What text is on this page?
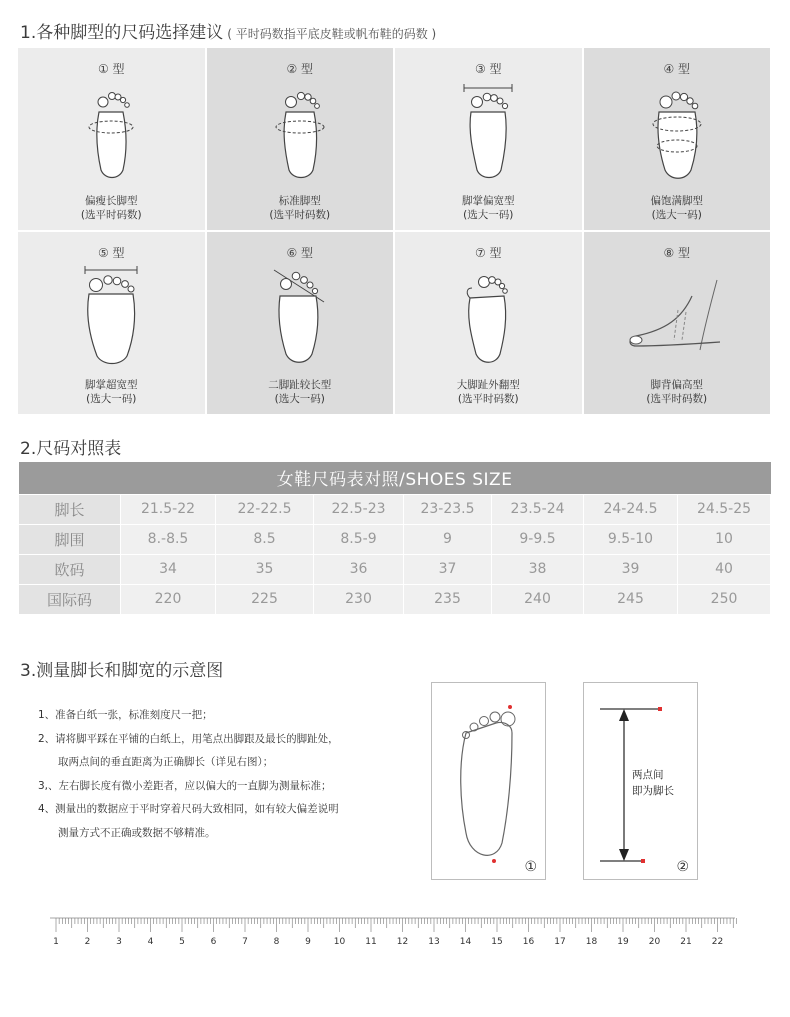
1.各种脚型的尺码选择建议 ( 平时码数指平底皮鞋或帆布鞋的码数 )
① 型
偏瘦长脚型
(选平时码数)
② 型
标准脚型
(选平时码数)
③ 型
脚掌偏宽型
(选大一码)
④ 型
偏饱满脚型
(选大一码)
⑤ 型
脚掌超宽型
(选大一码)
⑥ 型
二脚趾较长型
(选大一码)
⑦ 型
大脚趾外翻型
(选平时码数)
⑧ 型
脚背偏高型
(选平时码数)
2.尺码对照表
女鞋尺码表对照/SHOES SIZE							
脚长	21.5-22	22-22.5	22.5-23	23-23.5	23.5-24	24-24.5	24.5-25
脚围	8.-8.5	8.5	8.5-9	9	9-9.5	9.5-10	10
欧码	34	35	36	37	38	39	40
国际码	220	225	230	235	240	245	250
3.测量脚长和脚宽的示意图
1、准备白纸一张，标准刻度尺一把；
2、请将脚平踩在平铺的白纸上，用笔点出脚跟及最长的脚趾处，
取两点间的垂直距离为正确脚长（详见右图）；
3,、左右脚长度有微小差距者，应以偏大的一直脚为测量标准；
4、测量出的数据应于平时穿着尺码大致相同，如有较大偏差说明
测量方式不正确或数据不够精准。
①
两点间
即为脚长
②
1	2	3	4	5	6	7	8	9	10 11 12 13 14 15 16 17 18 19 20 21 22
